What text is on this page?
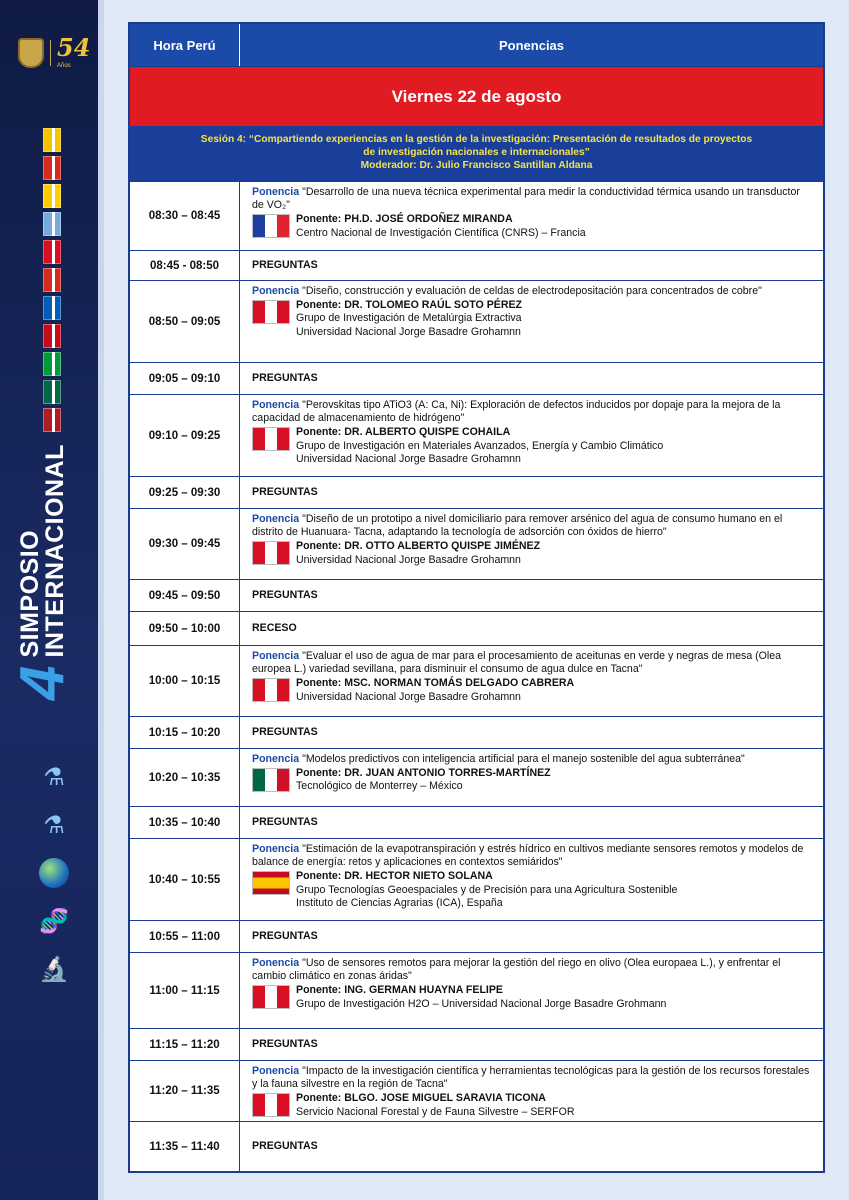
54
Años
4
SIMPOSIO
INTERNACIONAL
⚗
⚗
🧬
🔬
Hora Perú	Ponencias
Viernes 22 de agosto
Sesión 4: “Compartiendo experiencias en la gestión de la investigación: Presentación de resultados de proyectos
de investigación nacionales e internacionales”
Moderador: Dr. Julio Francisco Santillan Aldana
08:30 – 08:45
Ponencia "Desarrollo de una nueva técnica experimental para medir la conductividad térmica usando un transductor de VO₂"
Ponente: PH.D. JOSÉ ORDOÑEZ MIRANDA
Centro Nacional de Investigación Científica (CNRS) – Francia
08:45 - 08:50	PREGUNTAS
08:50 – 09:05
Ponencia "Diseño, construcción y evaluación de celdas de electrodepositación para concentrados de cobre"
Ponente: DR. TOLOMEO RAÚL SOTO PÉREZ
Grupo de Investigación de Metalúrgia Extractiva
Universidad Nacional Jorge Basadre Grohamnn
09:05 – 09:10	PREGUNTAS
09:10 – 09:25
Ponencia "Perovskitas tipo ATiO3 (A: Ca, Ni): Exploración de defectos inducidos por dopaje para la mejora de la capacidad de almacenamiento de hidrógeno"
Ponente: DR. ALBERTO QUISPE COHAILA
Grupo de Investigación en Materiales Avanzados, Energía y Cambio Climático
Universidad Nacional Jorge Basadre Grohamnn
09:25 – 09:30	PREGUNTAS
09:30 – 09:45
Ponencia "Diseño de un prototipo a nivel domiciliario para remover arsénico del agua de consumo humano en el distrito de Huanuara- Tacna, adaptando la tecnología de adsorción con óxidos de hierro"
Ponente: DR. OTTO ALBERTO QUISPE JIMÉNEZ
Universidad Nacional Jorge Basadre Grohamnn
09:45 – 09:50	PREGUNTAS
09:50 – 10:00	RECESO
10:00 – 10:15
Ponencia "Evaluar el uso de agua de mar para el procesamiento de aceitunas en verde y negras de mesa (Olea europea L.) variedad sevillana, para disminuir el consumo de agua dulce en Tacna"
Ponente: MSC. NORMAN TOMÁS DELGADO CABRERA
Universidad Nacional Jorge Basadre Grohamnn
10:15 – 10:20	PREGUNTAS
10:20 – 10:35
Ponencia "Modelos predictivos con inteligencia artificial para el manejo sostenible del agua subterránea"
Ponente: DR. JUAN ANTONIO TORRES-MARTÍNEZ
Tecnológico de Monterrey – México
10:35 – 10:40	PREGUNTAS
10:40 – 10:55
Ponencia "Estimación de la evapotranspiración y estrés hídrico en cultivos mediante sensores remotos y modelos de balance de energía: retos y aplicaciones en contextos semiáridos"
Ponente: DR. HECTOR NIETO SOLANA
Grupo Tecnologías Geoespaciales y de Precisión para una Agricultura Sostenible
Instituto de Ciencias Agrarias (ICA), España
10:55 – 11:00	PREGUNTAS
11:00 – 11:15
Ponencia "Uso de sensores remotos para mejorar la gestión del riego en olivo (Olea europaea L.), y enfrentar el cambio climático en zonas áridas"
Ponente: ING. GERMAN HUAYNA FELIPE
Grupo de Investigación H2O – Universidad Nacional Jorge Basadre Grohmann
11:15 – 11:20	PREGUNTAS
11:20 – 11:35
Ponencia "Impacto de la investigación científica y herramientas tecnológicas para la gestión de los recursos forestales y la fauna silvestre en la región de Tacna"
Ponente: BLGO. JOSE MIGUEL SARAVIA TICONA
Servicio Nacional Forestal y de Fauna Silvestre – SERFOR
11:35 – 11:40	PREGUNTAS
